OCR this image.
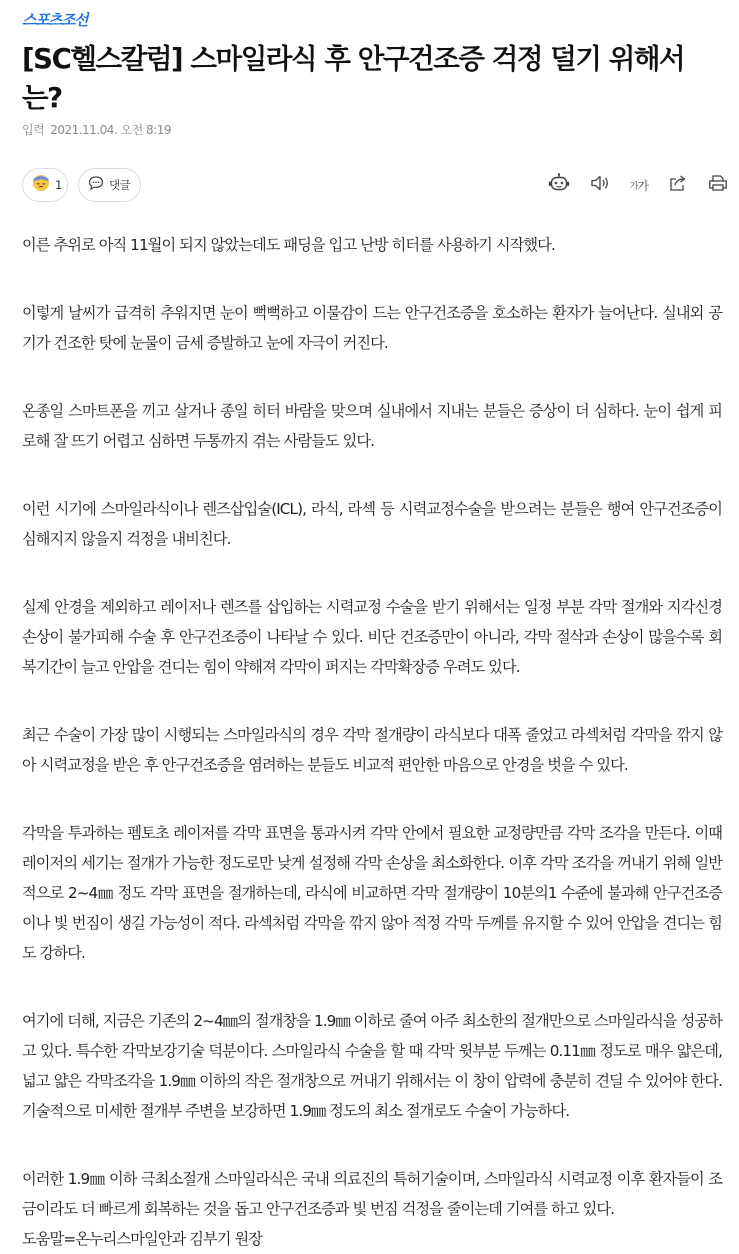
스포츠조선
[SC헬스칼럼] 스마일라식 후 안구건조증 걱정 덜기 위해서는?
입력 2021.11.04. 오전 8:19
1	댓글	가 가

이른 추위로 아직 11월이 되지 않았는데도 패딩을 입고 난방 히터를 사용하기 시작했다.

이렇게 날씨가 급격히 추워지면 눈이 뻑뻑하고 이물감이 드는 안구건조증을 호소하는 환자가 늘어난다. 실내외 공기가 건조한 탓에 눈물이 금세 증발하고 눈에 자극이 커진다.

온종일 스마트폰을 끼고 살거나 종일 히터 바람을 맞으며 실내에서 지내는 분들은 증상이 더 심하다. 눈이 쉽게 피로해 잘 뜨기 어렵고 심하면 두통까지 겪는 사람들도 있다.

이런 시기에 스마일라식이나 렌즈삽입술(ICL), 라식, 라섹 등 시력교정수술을 받으려는 분들은 행여 안구건조증이 심해지지 않을지 걱정을 내비친다.

실제 안경을 제외하고 레이저나 렌즈를 삽입하는 시력교정 수술을 받기 위해서는 일정 부분 각막 절개와 지각신경 손상이 불가피해 수술 후 안구건조증이 나타날 수 있다. 비단 건조증만이 아니라, 각막 절삭과 손상이 많을수록 회복기간이 늘고 안압을 견디는 힘이 약해져 각막이 퍼지는 각막확장증 우려도 있다.

최근 수술이 가장 많이 시행되는 스마일라식의 경우 각막 절개량이 라식보다 대폭 줄었고 라섹처럼 각막을 깎지 않아 시력교정을 받은 후 안구건조증을 염려하는 분들도 비교적 편안한 마음으로 안경을 벗을 수 있다.

각막을 투과하는 펨토초 레이저를 각막 표면을 통과시켜 각막 안에서 필요한 교정량만큼 각막 조각을 만든다. 이때 레이저의 세기는 절개가 가능한 정도로만 낮게 설정해 각막 손상을 최소화한다. 이후 각막 조각을 꺼내기 위해 일반적으로 2~4㎜ 정도 각막 표면을 절개하는데, 라식에 비교하면 각막 절개량이 10분의1 수준에 불과해 안구건조증이나 빛 번짐이 생길 가능성이 적다. 라섹처럼 각막을 깎지 않아 적정 각막 두께를 유지할 수 있어 안압을 견디는 힘도 강하다.

여기에 더해, 지금은 기존의 2~4㎜의 절개창을 1.9㎜ 이하로 줄여 아주 최소한의 절개만으로 스마일라식을 성공하고 있다. 특수한 각막보강기술 덕분이다. 스마일라식 수술을 할 때 각막 윗부분 두께는 0.11㎜ 정도로 매우 얇은데, 넓고 얇은 각막조각을 1.9㎜ 이하의 작은 절개창으로 꺼내기 위해서는 이 창이 압력에 충분히 견딜 수 있어야 한다. 기술적으로 미세한 절개부 주변을 보강하면 1.9㎜ 정도의 최소 절개로도 수술이 가능하다.

이러한 1.9㎜ 이하 극최소절개 스마일라식은 국내 의료진의 특허기술이며, 스마일라식 시력교정 이후 환자들이 조금이라도 더 빠르게 회복하는 것을 돕고 안구건조증과 빛 번짐 걱정을 줄이는데 기여를 하고 있다.

도움말=온누리스마일안과 김부기 원장
